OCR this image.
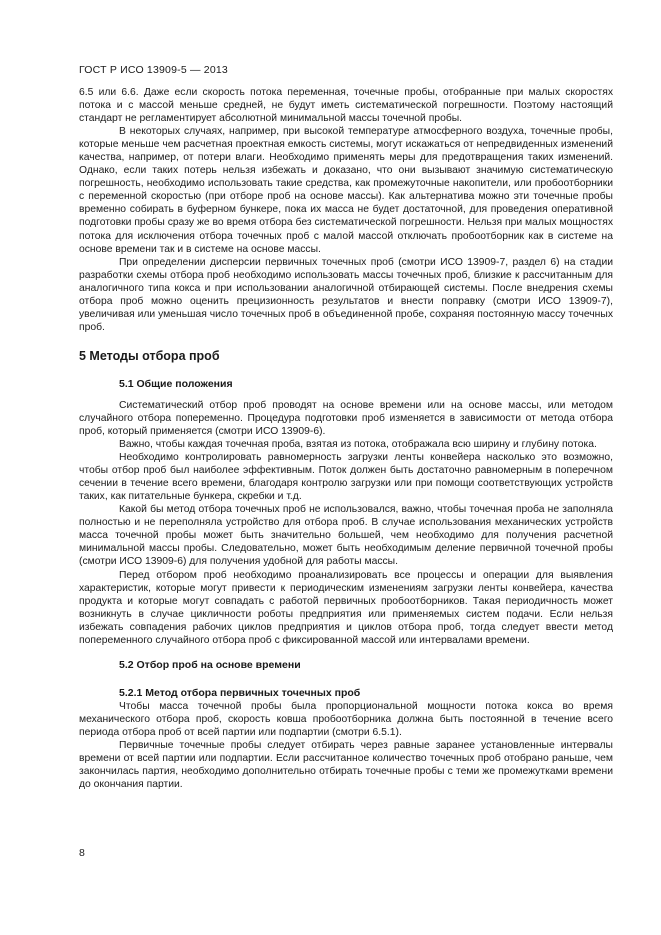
ГОСТ Р ИСО 13909-5 — 2013

6.5 или 6.6. Даже если скорость потока переменная, точечные пробы, отобранные при малых скоростях потока и с массой меньше средней, не будут иметь систематической погрешности. Поэтому настоящий стандарт не регламентирует абсолютной минимальной массы точечной пробы.

В некоторых случаях, например, при высокой температуре атмосферного воздуха, точечные пробы, которые меньше чем расчетная проектная емкость системы, могут искажаться от непредвиденных изменений качества, например, от потери влаги. Необходимо применять меры для предотвращения таких изменений. Однако, если таких потерь нельзя избежать и доказано, что они вызывают значимую систематическую погрешность, необходимо использовать такие средства, как промежуточные накопители, или пробоотборники с переменной скоростью (при отборе проб на основе массы). Как альтернатива можно эти точечные пробы временно собирать в буферном бункере, пока их масса не будет достаточной, для проведения оперативной подготовки пробы сразу же во время отбора без систематической погрешности. Нельзя при малых мощностях потока для исключения отбора точечных проб с малой массой отключать пробоотборник как в системе на основе времени так и в системе на основе массы.

При определении дисперсии первичных точечных проб (смотри ИСО 13909-7, раздел 6) на стадии разработки схемы отбора проб необходимо использовать массы точечных проб, близкие к рассчитанным для аналогичного типа кокса и при использовании аналогичной отбирающей системы. После внедрения схемы отбора проб можно оценить прецизионность результатов и внести поправку (смотри ИСО 13909-7), увеличивая или уменьшая число точечных проб в объединенной пробе, сохраняя постоянную массу точечных проб.

5 Методы отбора проб
5.1 Общие положения

Систематический отбор проб проводят на основе времени или на основе массы, или методом случайного отбора попеременно. Процедура подготовки проб изменяется в зависимости от метода отбора проб, который применяется (смотри ИСО 13909-6).

Важно, чтобы каждая точечная проба, взятая из потока, отображала всю ширину и глубину потока.

Необходимо контролировать равномерность загрузки ленты конвейера насколько это возможно, чтобы отбор проб был наиболее эффективным. Поток должен быть достаточно равномерным в поперечном сечении в течение всего времени, благодаря контролю загрузки или при помощи соответствующих устройств таких, как питательные бункера, скребки и т.д.

Какой бы метод отбора точечных проб не использовался, важно, чтобы точечная проба не заполняла полностью и не переполняла устройство для отбора проб. В случае использования механических устройств масса точечной пробы может быть значительно большей, чем необходимо для получения расчетной минимальной массы пробы. Следовательно, может быть необходимым деление первичной точечной пробы (смотри ИСО 13909-6) для получения удобной для работы массы.

Перед отбором проб необходимо проанализировать все процессы и операции для выявления характеристик, которые могут привести к периодическим изменениям загрузки ленты конвейера, качества продукта и которые могут совпадать с работой первичных пробоотборников. Такая периодичность может возникнуть в случае цикличности роботы предприятия или применяемых систем подачи. Если нельзя избежать совпадения рабочих циклов предприятия и циклов отбора проб, тогда следует ввести метод попеременного случайного отбора проб с фиксированной массой или интервалами времени.

5.2 Отбор проб на основе времени
5.2.1 Метод отбора первичных точечных проб

Чтобы масса точечной пробы была пропорциональной мощности потока кокса во время механического отбора проб, скорость ковша пробоотборника должна быть постоянной в течение всего периода отбора проб от всей партии или подпартии (смотри 6.5.1).

Первичные точечные пробы следует отбирать через равные заранее установленные интервалы времени от всей партии или подпартии. Если рассчитанное количество точечных проб отобрано раньше, чем закончилась партия, необходимо дополнительно отбирать точечные пробы с теми же промежутками времени до окончания партии.

8
